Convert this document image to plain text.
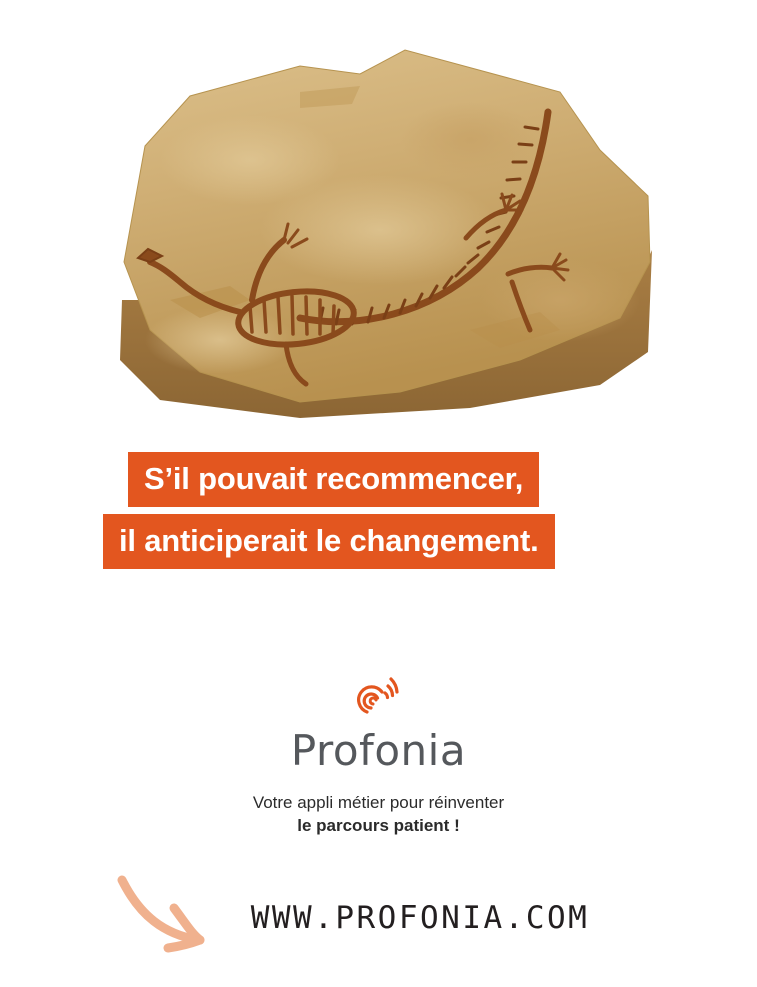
S’il pouvait recommencer,
il anticiperait le changement.
Profonia
Votre appli métier pour réinventer
le parcours patient !
WWW.PROFONIA.COM
